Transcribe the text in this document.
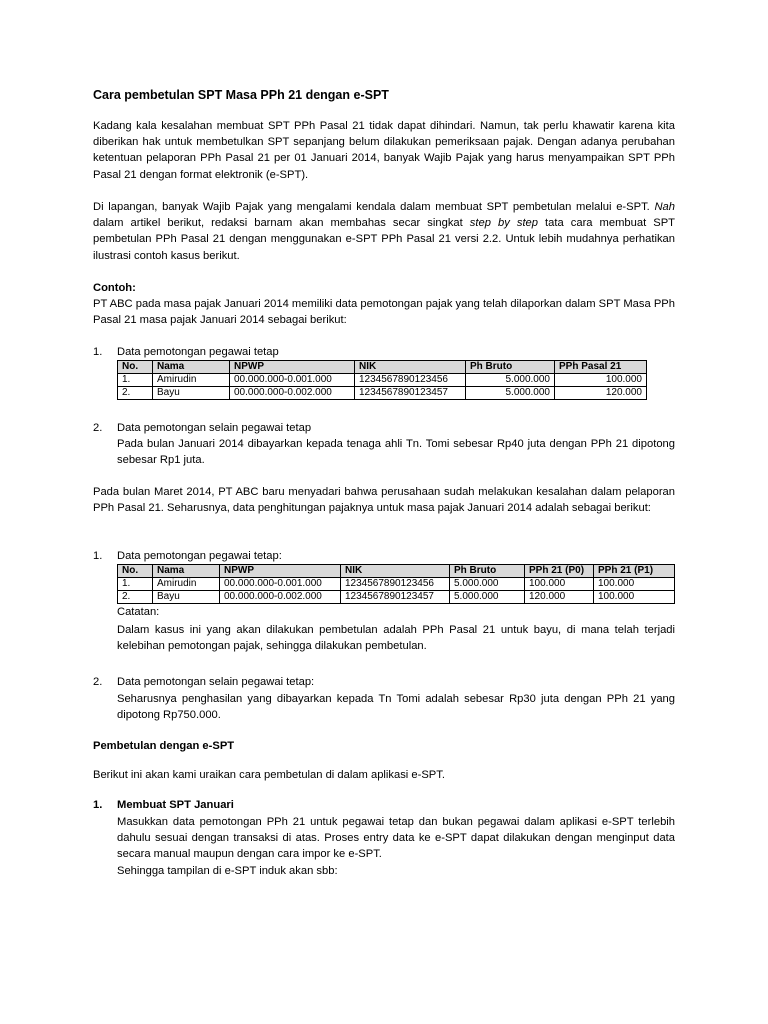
Cara pembetulan SPT Masa PPh 21 dengan e-SPT

Kadang kala kesalahan membuat SPT PPh Pasal 21 tidak dapat dihindari. Namun, tak perlu khawatir karena kita diberikan hak untuk membetulkan SPT sepanjang belum dilakukan pemeriksaan pajak. Dengan adanya perubahan ketentuan pelaporan PPh Pasal 21 per 01 Januari 2014, banyak Wajib Pajak yang harus menyampaikan SPT PPh Pasal 21 dengan format elektronik (e-SPT).

Di lapangan, banyak Wajib Pajak yang mengalami kendala dalam membuat SPT pembetulan melalui e-SPT. Nah dalam artikel berikut, redaksi barnam akan membahas secar singkat step by step tata cara membuat SPT pembetulan PPh Pasal 21 dengan menggunakan e-SPT PPh Pasal 21 versi 2.2. Untuk lebih mudahnya perhatikan ilustrasi contoh kasus berikut.

Contoh:

PT ABC pada masa pajak Januari 2014 memiliki data pemotongan pajak yang telah dilaporkan dalam SPT Masa PPh Pasal 21 masa pajak Januari 2014 sebagai berikut:

1. Data pemotongan pegawai tetap
No.	Nama	NPWP	NIK	Ph Bruto	PPh Pasal 21
1.	Amirudin	00.000.000-0.001.000	1234567890123456	5.000.000	100.000
2.	Bayu	00.000.000-0.002.000	1234567890123457	5.000.000	120.000
2. Data pemotongan selain pegawai tetap

Pada bulan Januari 2014 dibayarkan kepada tenaga ahli Tn. Tomi sebesar Rp40 juta dengan PPh 21 dipotong sebesar Rp1 juta.

Pada bulan Maret 2014, PT ABC baru menyadari bahwa perusahaan sudah melakukan kesalahan dalam pelaporan PPh Pasal 21. Seharusnya, data penghitungan pajaknya untuk masa pajak Januari 2014 adalah sebagai berikut:

1. Data pemotongan pegawai tetap:
No.	Nama	NPWP	NIK	Ph Bruto	PPh 21 (P0)	PPh 21 (P1)
1.	Amirudin	00.000.000-0.001.000	1234567890123456	5.000.000	100.000	100.000
2.	Bayu	00.000.000-0.002.000	1234567890123457	5.000.000	120.000	100.000
Catatan:

Dalam kasus ini yang akan dilakukan pembetulan adalah PPh Pasal 21 untuk bayu, di mana telah terjadi kelebihan pemotongan pajak, sehingga dilakukan pembetulan.

2. Data pemotongan selain pegawai tetap:

Seharusnya penghasilan yang dibayarkan kepada Tn Tomi adalah sebesar Rp30 juta dengan PPh 21 yang dipotong Rp750.000.

Pembetulan dengan e-SPT
Berikut ini akan kami uraikan cara pembetulan di dalam aplikasi e-SPT.
1. Membuat SPT Januari

Masukkan data pemotongan PPh 21 untuk pegawai tetap dan bukan pegawai dalam aplikasi e-SPT terlebih dahulu sesuai dengan transaksi di atas. Proses entry data ke e-SPT dapat dilakukan dengan menginput data secara manual maupun dengan cara impor ke e-SPT.

Sehingga tampilan di e-SPT induk akan sbb:
